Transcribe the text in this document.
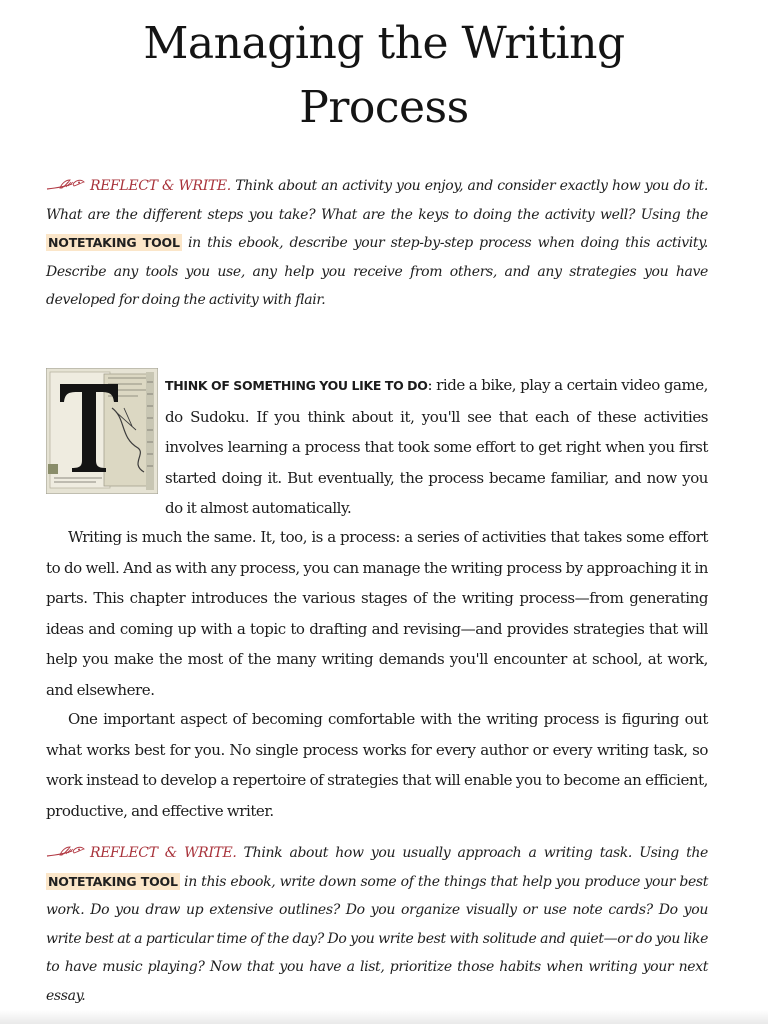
Managing the Writing
Process

REFLECT & WRITE. Think about an activity you enjoy, and consider exactly how you do it. What are the different steps you take? What are the keys to doing the activity well? Using the NOTETAKING TOOL in this ebook, describe your step-by-step process when doing this activity. Describe any tools you use, any help you receive from others, and any strategies you have developed for doing the activity with flair.

THINK OF SOMETHING YOU LIKE TO DO: ride a bike, play a certain video game, do Sudoku. If you think about it, you'll see that each of these activities involves learning a process that took some effort to get right when you first started doing it. But eventually, the process became familiar, and now you do it almost automatically.

Writing is much the same. It, too, is a process: a series of activities that takes some effort to do well. And as with any process, you can manage the writing process by approaching it in parts. This chapter introduces the various stages of the writing process—from generating ideas and coming up with a topic to drafting and revising—and provides strategies that will help you make the most of the many writing demands you'll encounter at school, at work, and elsewhere.

One important aspect of becoming comfortable with the writing process is figuring out what works best for you. No single process works for every author or every writing task, so work instead to develop a repertoire of strategies that will enable you to become an efficient, productive, and effective writer.

REFLECT & WRITE. Think about how you usually approach a writing task. Using the NOTETAKING TOOL in this ebook, write down some of the things that help you produce your best work. Do you draw up extensive outlines? Do you organize visually or use note cards? Do you write best at a particular time of the day? Do you write best with solitude and quiet—or do you like to have music playing? Now that you have a list, prioritize those habits when writing your next essay.
